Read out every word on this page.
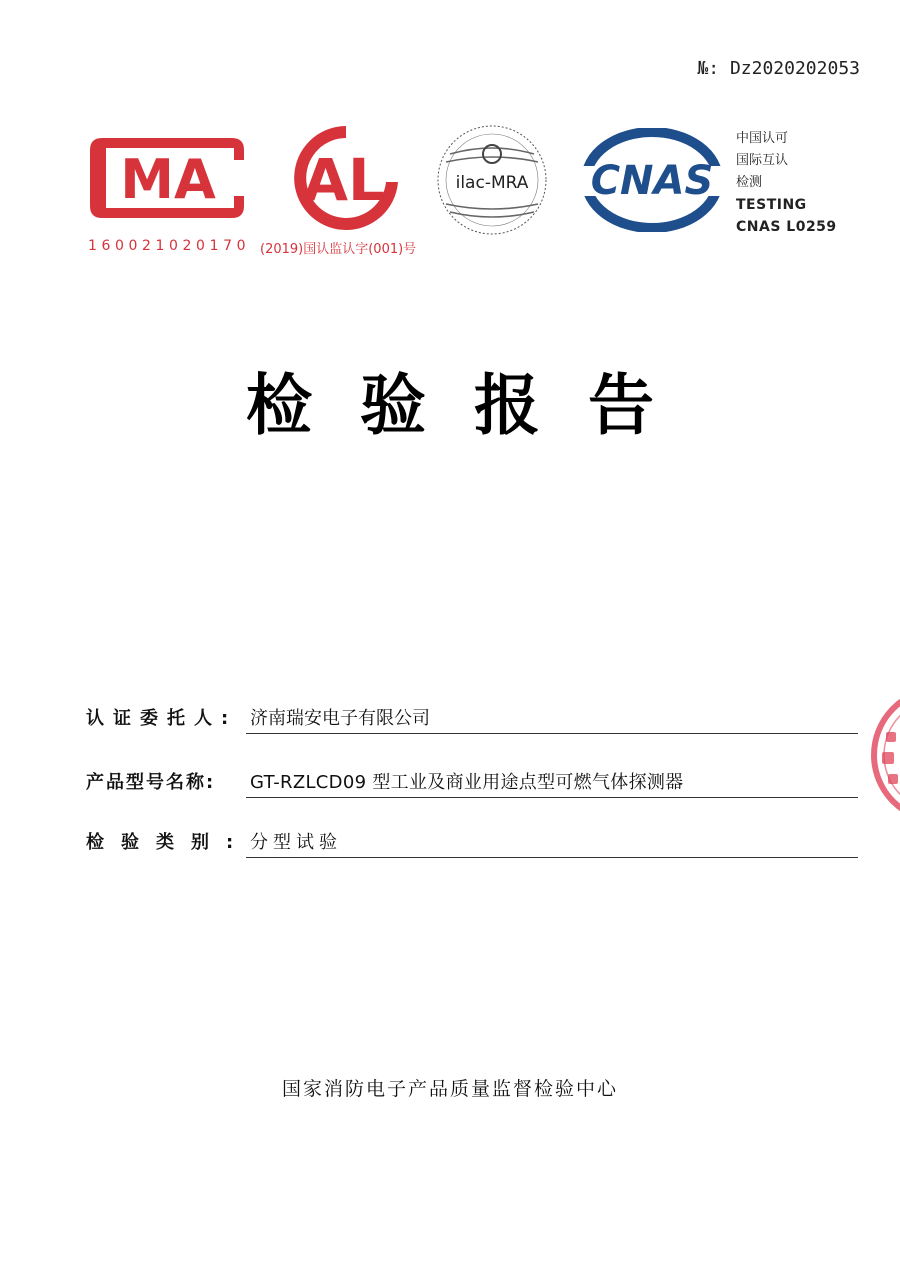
№: Dz2020202053
MA
160021020170
AL
(2019)国认监认字(001)号
ilac-MRA CNAS
中国认可
国际互认
检测
TESTING
CNAS L0259
检验报告
认证委托人: 济南瑞安电子有限公司
产品型号名称: GT-RZLCD09 型工业及商业用途点型可燃气体探测器
检验类别: 分型试验
国家消防电子产品质量监督检验中心
